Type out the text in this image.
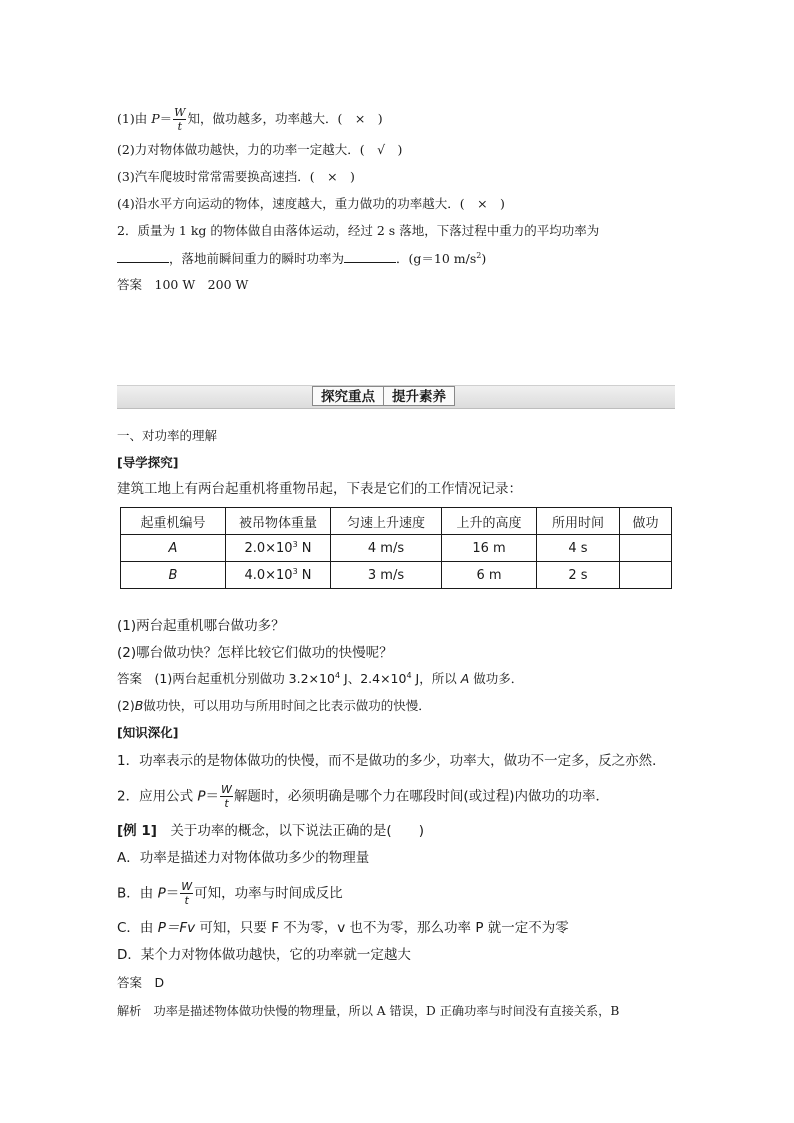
(1)由 $P= \frac{W}{t}$ 知，做功越多，功率越大．(　×　)
(2)力对物体做功越快，力的功率一定越大．(　√　)
(3)汽车爬坡时常常需要换高速挡．(　×　)
(4)沿水平方向运动的物体，速度越大，重力做功的功率越大．(　×　)
2．质量为 1 kg 的物体做自由落体运动，经过 2 s 落地，下落过程中重力的平均功率为
，落地前瞬间重力的瞬时功率为	．(g＝10 $m/s^2$)
答案　100 W　200 W
探究重点	提升素养
一、对功率的理解
[导学探究]
建筑工地上有两台起重机将重物吊起，下表是它们的工作情况记录：
起重机编号	被吊物体重量	匀速上升速度	上升的高度	所用时间	做功
A	$2.0\times 10^3$ N	4 m/s	16 m	4 s	
B	$4.0\times 10^3$ N	3 m/s	6 m	2 s	
(1)两台起重机哪台做功多？
(2)哪台做功快？怎样比较它们做功的快慢呢？
答案　(1)两台起重机分别做功 $3.2\times 10^4$ J、$2.4\times 10^4$ J，所以 A 做功多．
(2)B做功快，可以用功与所用时间之比表示做功的快慢．
[知识深化]
1．功率表示的是物体做功的快慢，而不是做功的多少，功率大，做功不一定多，反之亦然．
2．应用公式 $P= \frac{W}{t}$ 解题时，必须明确是哪个力在哪段时间(或过程)内做功的功率．
[例 1]　关于功率的概念，以下说法正确的是(　　)
A．功率是描述力对物体做功多少的物理量
B．由 $P= \frac{W}{t}$ 可知，功率与时间成反比
C．由 P＝Fv 可知，只要 F 不为零，v 也不为零，那么功率 P 就一定不为零
D．某个力对物体做功越快，它的功率就一定越大
答案　D
解析　功率是描述物体做功快慢的物理量，所以 A 错误，D 正确功率与时间没有直接关系，B
